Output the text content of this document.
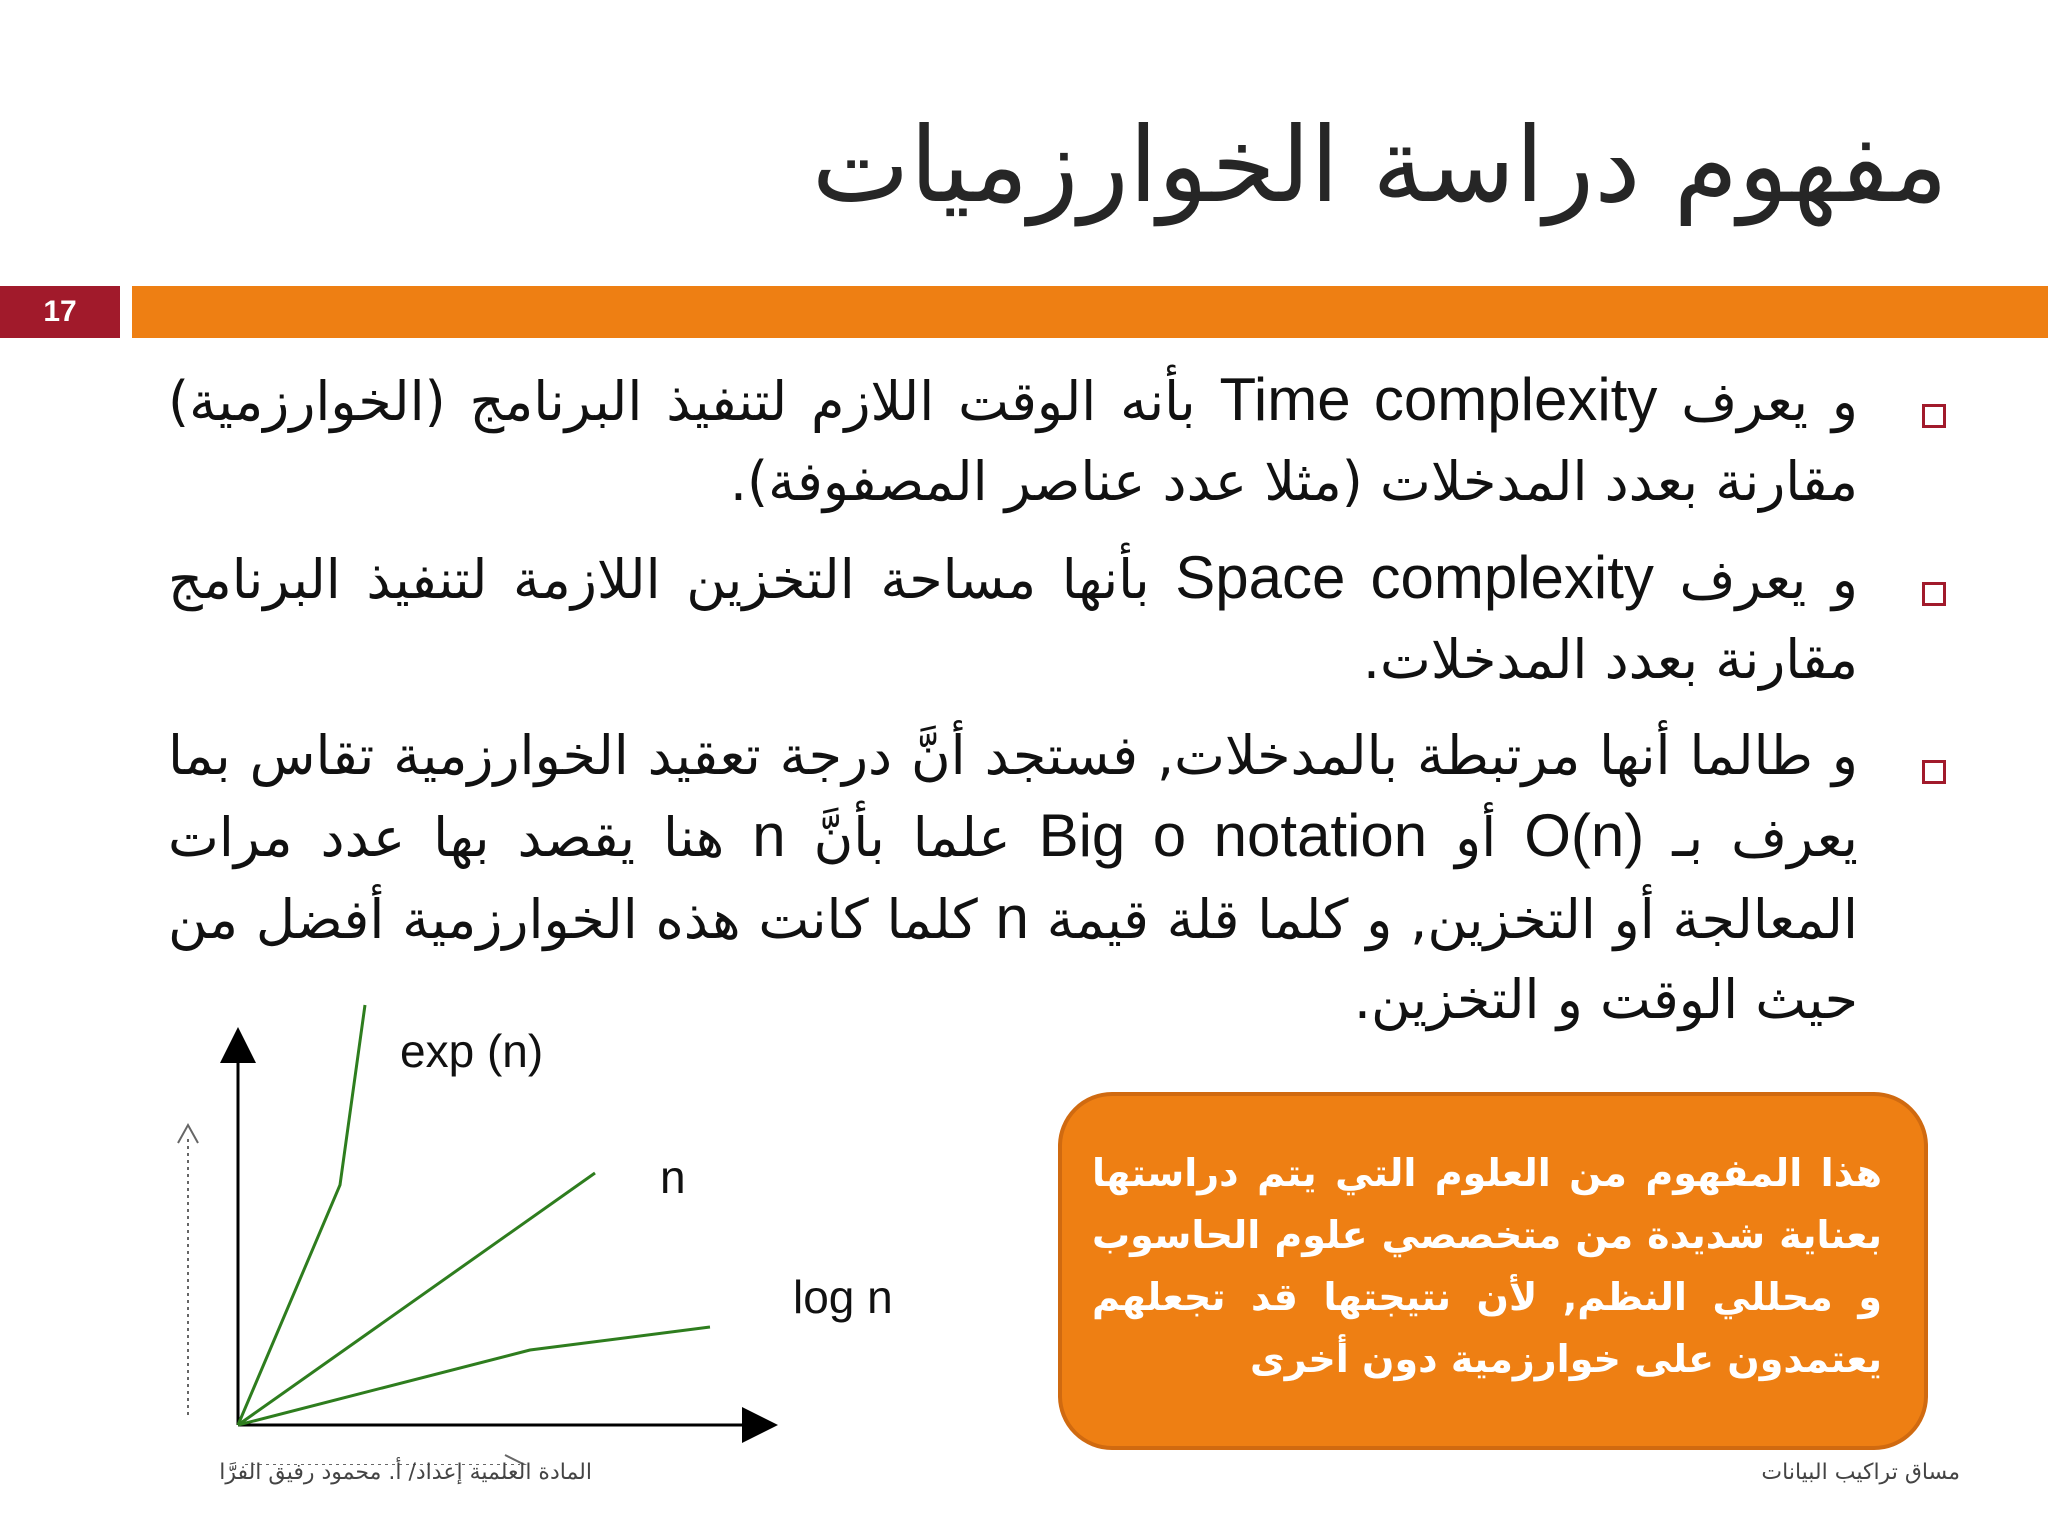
مفهوم دراسة الخوارزميات
17
و يعرف Time complexity بأنه الوقت اللازم لتنفيذ البرنامج (الخوارزمية) مقارنة بعدد المدخلات (مثلا عدد عناصر المصفوفة).
و يعرف Space complexity بأنها مساحة التخزين اللازمة لتنفيذ البرنامج مقارنة بعدد المدخلات.
و طالما أنها مرتبطة بالمدخلات, فستجد أنَّ درجة تعقيد الخوارزمية تقاس بما يعرف بـ O(n) أو Big o notation علما بأنَّ n هنا يقصد بها عدد مرات المعالجة أو التخزين, و كلما قلة قيمة n كلما كانت هذه الخوارزمية أفضل من حيث الوقت و التخزين.
exp (n)
n
log n
هذا المفهوم من العلوم التي يتم دراستها بعناية شديدة من متخصصي علوم الحاسوب و محللي النظم, لأن نتيجتها قد تجعلهم يعتمدون على خوارزمية دون أخرى
المادة العلمية إعداد/ أ. محمود رفيق الفرَّا	مساق تراكيب البيانات
